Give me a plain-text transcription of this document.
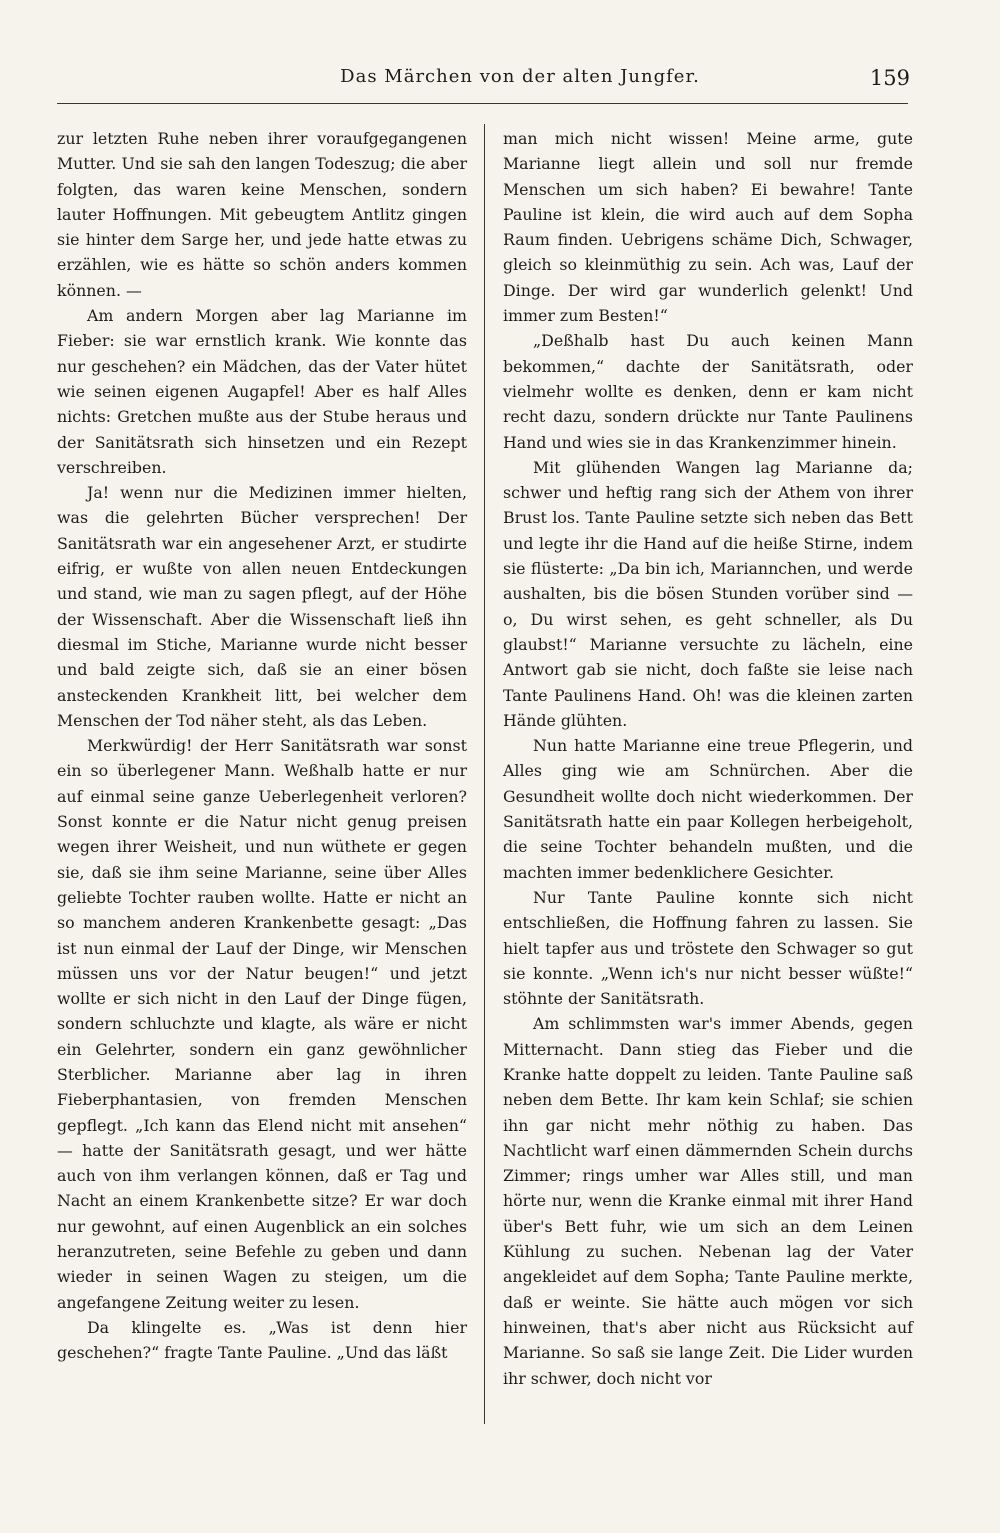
Das Märchen von der alten Jungfer.	159

zur letzten Ruhe neben ihrer voraufgegangenen Mutter. Und sie sah den langen Todeszug; die aber folgten, das waren keine Menschen, sondern lauter Hoffnungen. Mit gebeugtem Antlitz gingen sie hinter dem Sarge her, und jede hatte etwas zu erzählen, wie es hätte so schön anders kommen können. —

Am andern Morgen aber lag Marianne im Fieber: sie war ernstlich krank. Wie konnte das nur geschehen? ein Mädchen, das der Vater hütet wie seinen eigenen Augapfel! Aber es half Alles nichts: Gretchen mußte aus der Stube heraus und der Sanitätsrath sich hinsetzen und ein Rezept verschreiben.

Ja! wenn nur die Medizinen immer hielten, was die gelehrten Bücher versprechen! Der Sanitätsrath war ein angesehener Arzt, er studirte eifrig, er wußte von allen neuen Entdeckungen und stand, wie man zu sagen pflegt, auf der Höhe der Wissenschaft. Aber die Wissenschaft ließ ihn diesmal im Stiche, Marianne wurde nicht besser und bald zeigte sich, daß sie an einer bösen ansteckenden Krankheit litt, bei welcher dem Menschen der Tod näher steht, als das Leben.

Merkwürdig! der Herr Sanitätsrath war sonst ein so überlegener Mann. Weßhalb hatte er nur auf einmal seine ganze Ueberlegenheit verloren? Sonst konnte er die Natur nicht genug preisen wegen ihrer Weisheit, und nun wüthete er gegen sie, daß sie ihm seine Marianne, seine über Alles geliebte Tochter rauben wollte. Hatte er nicht an so manchem anderen Krankenbette gesagt: „Das ist nun einmal der Lauf der Dinge, wir Menschen müssen uns vor der Natur beugen!“ und jetzt wollte er sich nicht in den Lauf der Dinge fügen, sondern schluchzte und klagte, als wäre er nicht ein Gelehrter, sondern ein ganz gewöhnlicher Sterblicher. Marianne aber lag in ihren Fieberphantasien, von fremden Menschen gepflegt. „Ich kann das Elend nicht mit ansehen“ — hatte der Sanitätsrath gesagt, und wer hätte auch von ihm verlangen können, daß er Tag und Nacht an einem Krankenbette sitze? Er war doch nur gewohnt, auf einen Augenblick an ein solches heranzutreten, seine Befehle zu geben und dann wieder in seinen Wagen zu steigen, um die angefangene Zeitung weiter zu lesen.

Da klingelte es. „Was ist denn hier geschehen?“ fragte Tante Pauline. „Und das läßt

man mich nicht wissen! Meine arme, gute Marianne liegt allein und soll nur fremde Menschen um sich haben? Ei bewahre! Tante Pauline ist klein, die wird auch auf dem Sopha Raum finden. Uebrigens schäme Dich, Schwager, gleich so kleinmüthig zu sein. Ach was, Lauf der Dinge. Der wird gar wunderlich gelenkt! Und immer zum Besten!“

„Deßhalb hast Du auch keinen Mann bekommen,“ dachte der Sanitätsrath, oder vielmehr wollte es denken, denn er kam nicht recht dazu, sondern drückte nur Tante Paulinens Hand und wies sie in das Krankenzimmer hinein.

Mit glühenden Wangen lag Marianne da; schwer und heftig rang sich der Athem von ihrer Brust los. Tante Pauline setzte sich neben das Bett und legte ihr die Hand auf die heiße Stirne, indem sie flüsterte: „Da bin ich, Mariannchen, und werde aushalten, bis die bösen Stunden vorüber sind — o, Du wirst sehen, es geht schneller, als Du glaubst!“ Marianne versuchte zu lächeln, eine Antwort gab sie nicht, doch faßte sie leise nach Tante Paulinens Hand. Oh! was die kleinen zarten Hände glühten.

Nun hatte Marianne eine treue Pflegerin, und Alles ging wie am Schnürchen. Aber die Gesundheit wollte doch nicht wiederkommen. Der Sanitätsrath hatte ein paar Kollegen herbeigeholt, die seine Tochter behandeln mußten, und die machten immer bedenklichere Gesichter.

Nur Tante Pauline konnte sich nicht entschließen, die Hoffnung fahren zu lassen. Sie hielt tapfer aus und tröstete den Schwager so gut sie konnte. „Wenn ich's nur nicht besser wüßte!“ stöhnte der Sanitätsrath.

Am schlimmsten war's immer Abends, gegen Mitternacht. Dann stieg das Fieber und die Kranke hatte doppelt zu leiden. Tante Pauline saß neben dem Bette. Ihr kam kein Schlaf; sie schien ihn gar nicht mehr nöthig zu haben. Das Nachtlicht warf einen dämmernden Schein durchs Zimmer; rings umher war Alles still, und man hörte nur, wenn die Kranke einmal mit ihrer Hand über's Bett fuhr, wie um sich an dem Leinen Kühlung zu suchen. Nebenan lag der Vater angekleidet auf dem Sopha; Tante Pauline merkte, daß er weinte. Sie hätte auch mögen vor sich hinweinen, that's aber nicht aus Rücksicht auf Marianne. So saß sie lange Zeit. Die Lider wurden ihr schwer, doch nicht vor
